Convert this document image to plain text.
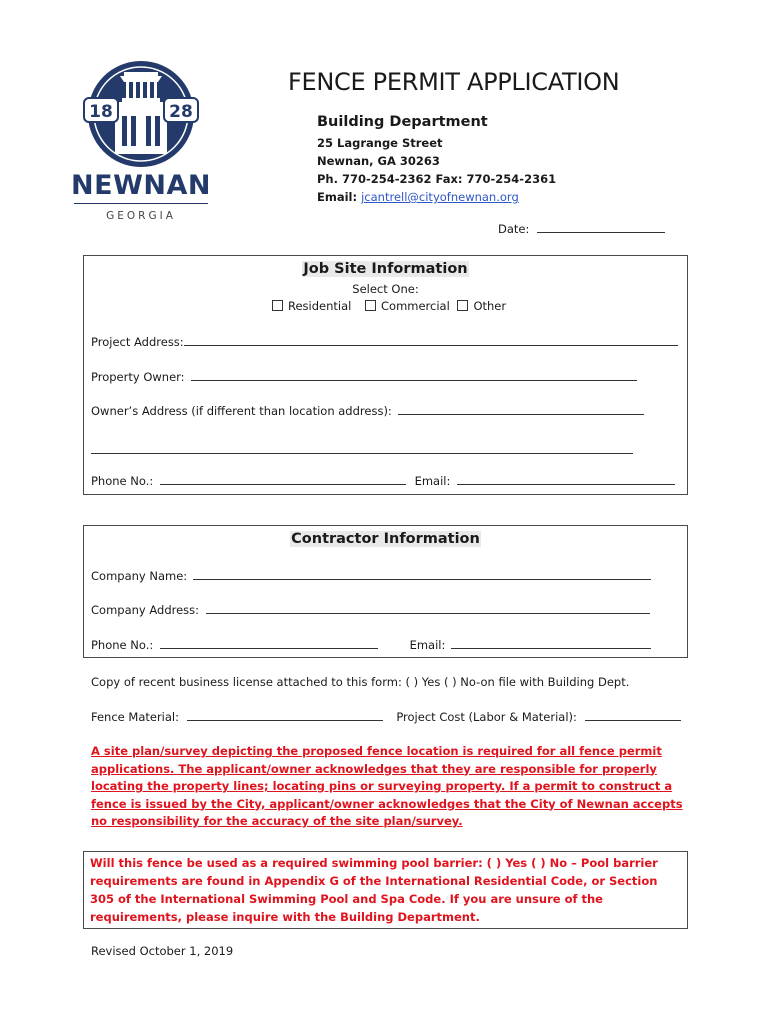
18	28
NEWNAN
GEORGIA
FENCE PERMIT APPLICATION
Building Department
25 Lagrange Street
Newnan, GA 30263
Ph. 770-254-2362 Fax: 770-254-2361
Email: jcantrell@cityofnewnan.org
Date:
Job Site Information
Select One:
Residential	Commercial Other
Project Address:
Property Owner:
Owner’s Address (if different than location address):
Phone No.:	Email:
Contractor Information
Company Name:
Company Address:
Phone No.:	Email:
Copy of recent business license attached to this form: ( ) Yes ( ) No-on file with Building Dept.
Fence Material:	Project Cost (Labor & Material):
A site plan/survey depicting the proposed fence location is required for all fence permit applications. The applicant/owner acknowledges that they are responsible for properly locating the property lines; locating pins or surveying property. If a permit to construct a fence is issued by the City, applicant/owner acknowledges that the City of Newnan accepts no responsibility for the accuracy of the site plan/survey.
Will this fence be used as a required swimming pool barrier: ( ) Yes ( ) No – Pool barrier requirements are found in Appendix G of the International Residential Code, or Section 305 of the International Swimming Pool and Spa Code. If you are unsure of the requirements, please inquire with the Building Department.
Revised October 1, 2019
